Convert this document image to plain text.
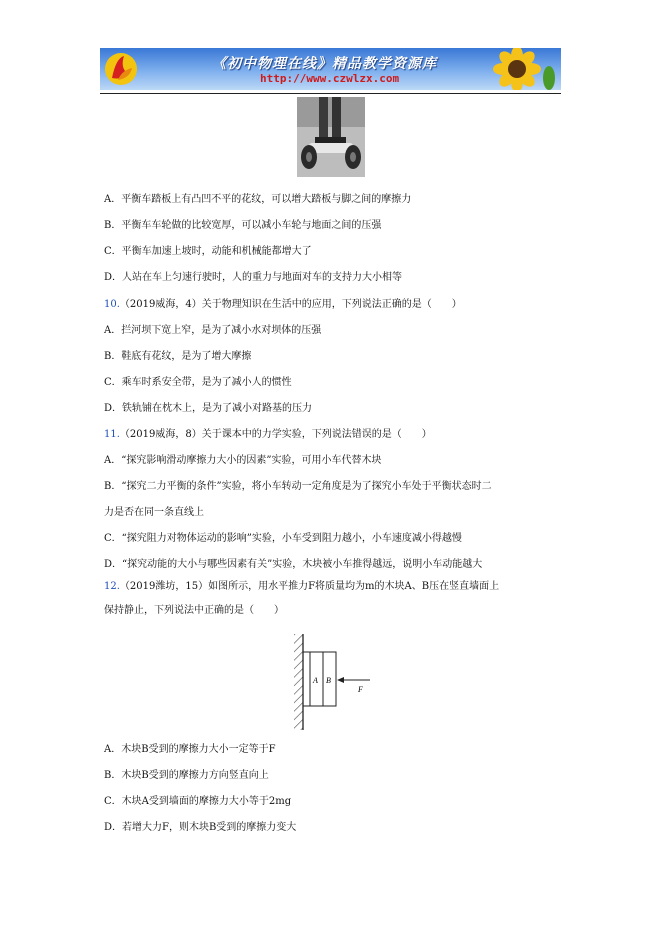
《初中物理在线》精品教学资源库
http://www.czwlzx.com
A．平衡车踏板上有凸凹不平的花纹，可以增大踏板与脚之间的摩擦力
B．平衡车车轮做的比较宽厚，可以减小车轮与地面之间的压强
C．平衡车加速上坡时，动能和机械能都增大了
D．人站在车上匀速行驶时，人的重力与地面对车的支持力大小相等
10.（2019威海，4）关于物理知识在生活中的应用，下列说法正确的是（　　）
A．拦河坝下宽上窄，是为了减小水对坝体的压强
B．鞋底有花纹，是为了增大摩擦
C．乘车时系安全带，是为了减小人的惯性
D．铁轨铺在枕木上，是为了减小对路基的压力
11.（2019威海，8）关于课本中的力学实验，下列说法错误的是（　　）
A．“探究影响滑动摩擦力大小的因素”实验，可用小车代替木块
B．“探究二力平衡的条件”实验，将小车转动一定角度是为了探究小车处于平衡状态时二
力是否在同一条直线上
C．“探究阻力对物体运动的影响”实验，小车受到阻力越小，小车速度减小得越慢
D．“探究动能的大小与哪些因素有关”实验，木块被小车推得越远，说明小车动能越大
12.（2019潍坊，15）如图所示，用水平推力F将质量均为m的木块A、B压在竖直墙面上
保持静止，下列说法中正确的是（　　）
A．木块B受到的摩擦力大小一定等于F
B．木块B受到的摩擦力方向竖直向上
C．木块A受到墙面的摩擦力大小等于2mg
D．若增大力F，则木块B受到的摩擦力变大
A B
F
